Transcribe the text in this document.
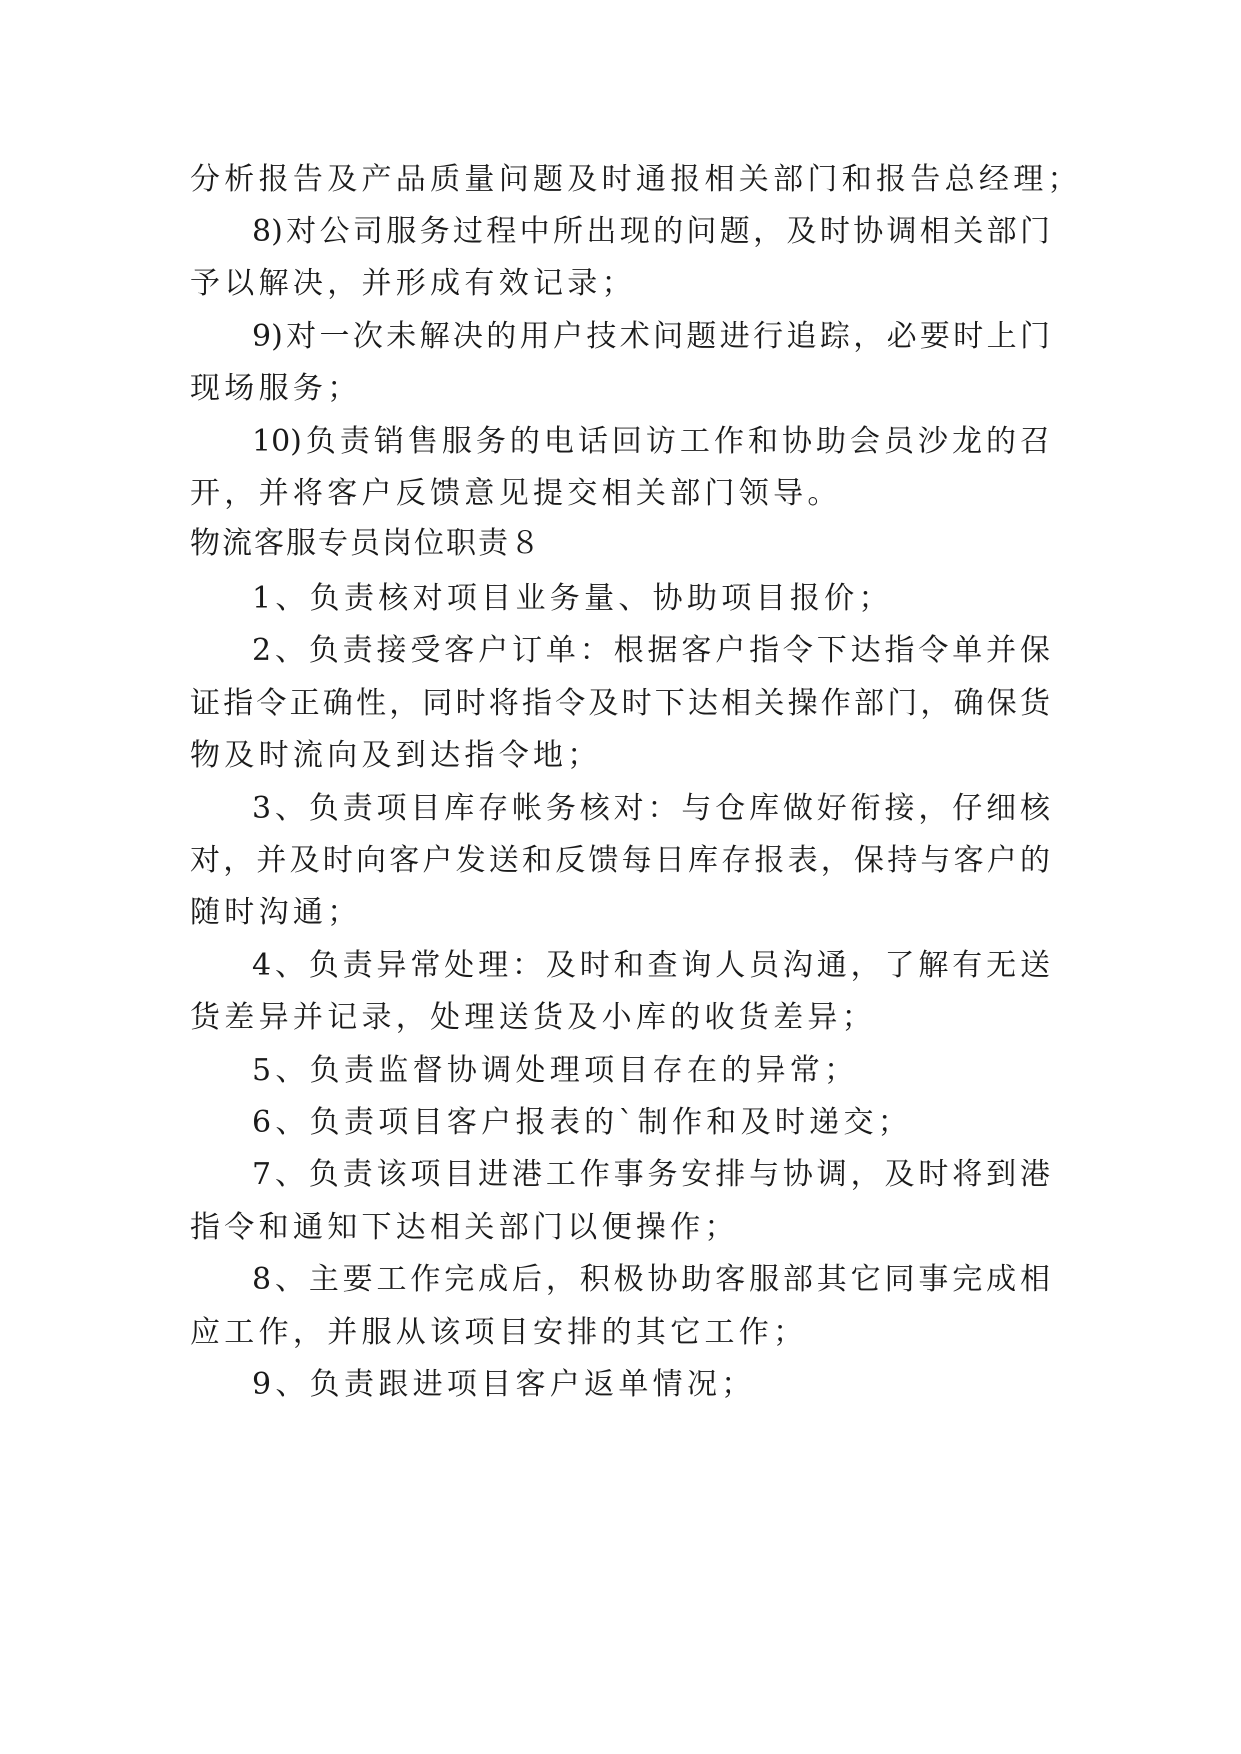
分析报告及产品质量问题及时通报相关部门和报告总经理；
8)对公司服务过程中所出现的问题，及时协调相关部门
予以解决，并形成有效记录；
9)对一次未解决的用户技术问题进行追踪，必要时上门
现场服务；
10)负责销售服务的电话回访工作和协助会员沙龙的召
开，并将客户反馈意见提交相关部门领导。
物流客服专员岗位职责８
1、负责核对项目业务量、协助项目报价；
2、负责接受客户订单：根据客户指令下达指令单并保
证指令正确性，同时将指令及时下达相关操作部门，确保货
物及时流向及到达指令地；
3、负责项目库存帐务核对：与仓库做好衔接，仔细核
对，并及时向客户发送和反馈每日库存报表，保持与客户的
随时沟通；
4、负责异常处理：及时和查询人员沟通，了解有无送
货差异并记录，处理送货及小库的收货差异；
5、负责监督协调处理项目存在的异常；
6、负责项目客户报表的`制作和及时递交；
7、负责该项目进港工作事务安排与协调，及时将到港
指令和通知下达相关部门以便操作；
8、主要工作完成后，积极协助客服部其它同事完成相
应工作，并服从该项目安排的其它工作；
9、负责跟进项目客户返单情况；
